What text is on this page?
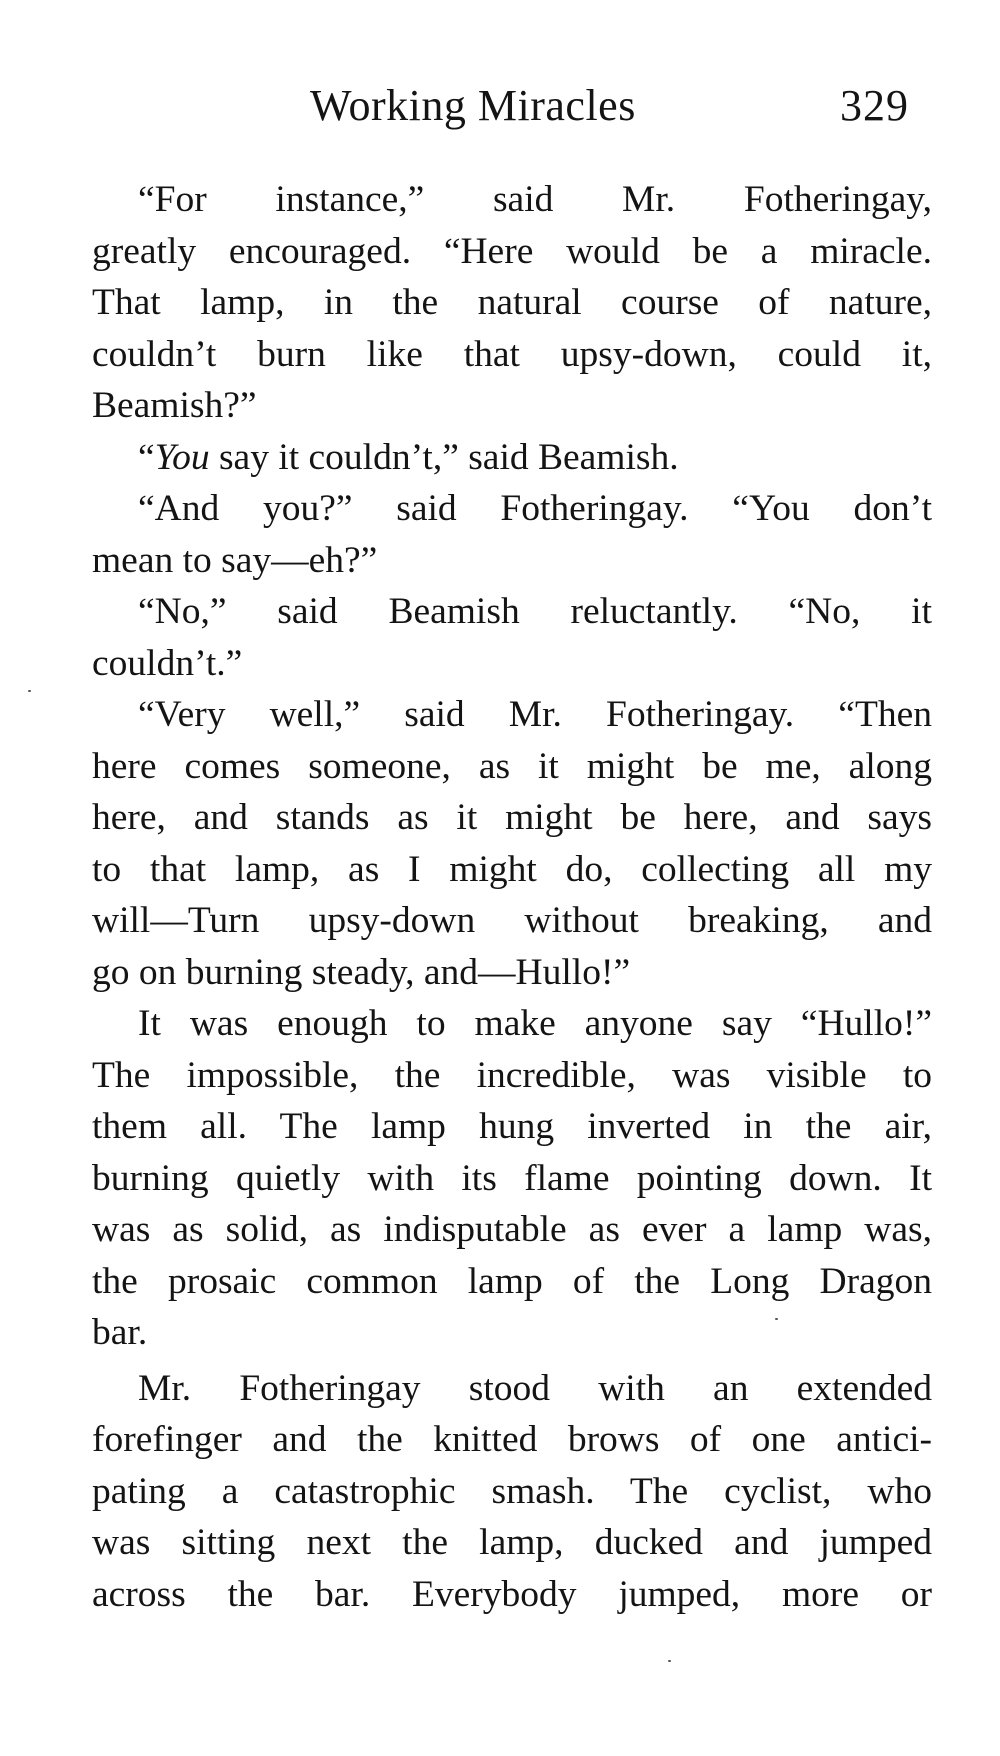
Working Miracles	329
“For instance,” said Mr. Fotheringay,
greatly encouraged. “Here would be a miracle.
That lamp, in the natural course of nature,
couldn’t burn like that upsy-down, could it,
Beamish?”
“You say it couldn’t,” said Beamish.
“And you?” said Fotheringay. “You don’t
mean to say—eh?”
“No,” said Beamish reluctantly. “No, it
couldn’t.”
“Very well,” said Mr. Fotheringay. “Then
here comes someone, as it might be me, along
here, and stands as it might be here, and says
to that lamp, as I might do, collecting all my
will—Turn upsy-down without breaking, and
go on burning steady, and—Hullo!”
It was enough to make anyone say “Hullo!”
The impossible, the incredible, was visible to
them all. The lamp hung inverted in the air,
burning quietly with its flame pointing down. It
was as solid, as indisputable as ever a lamp was,
the prosaic common lamp of the Long Dragon
bar.
Mr. Fotheringay stood with an extended
forefinger and the knitted brows of one antici-
pating a catastrophic smash. The cyclist, who
was sitting next the lamp, ducked and jumped
across the bar. Everybody jumped, more or
